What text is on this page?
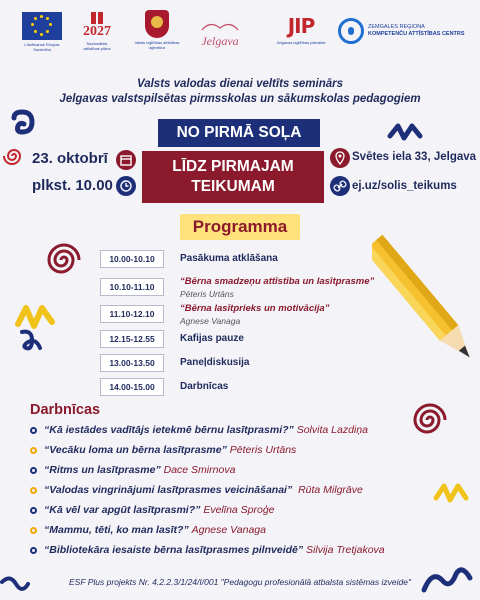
Līdzfinansē Eiropas Savienība
2027
Nacionālais attīstības plāns
Valsts izglītības attīstības aģentūra	Jelgava
JIP
Jelgavas izglītības pārvalde
ZEMGALES REĢIONA
KOMPETENČU ATTĪSTĪBAS CENTRS
Valsts valodas dienai veltīts seminārs
Jelgavas valstspilsētas pirmsskolas un sākumskolas pedagogiem
NO PIRMĀ SOĻA
LĪDZ PIRMAJAM
TEIKUMAM
23. oktobrī
plkst. 10.00
Svētes iela 33, Jelgava
ej.uz/solis_teikums
Programma
10.00-10.10	Pasākuma atklāšana
10.10-11.10	“Bērna smadzeņu attīstība un lasītprasme”
Pēteris Urtāns
11.10-12.10	“Bērna lasītprieks un motivācija”
Agnese Vanaga
12.15-12.55	Kafijas pauze
13.00-13.50	Paneļdiskusija
14.00-15.00	Darbnīcas
Darbnīcas
“Kā iestādes vadītājs ietekmē bērnu lasītprasmi?” Solvita Lazdiņa
“Vecāku loma un bērna lasītprasme” Pēteris Urtāns
“Ritms un lasītprasme” Dace Smirnova
“Valodas vingrinājumi lasītprasmes veicināšanai” Rūta Milgrāve
“Kā vēl var apgūt lasītprasmi?” Evelīna Sproģe
“Mammu, tēti, ko man lasīt?” Agnese Vanaga
“Bibliotekāra iesaiste bērna lasītprasmes pilnveidē” Silvija Tretjakova
ESF Plus projekts Nr. 4.2.2.3/1/24/I/001 "Pedagogu profesionālā atbalsta sistēmas izveide"
